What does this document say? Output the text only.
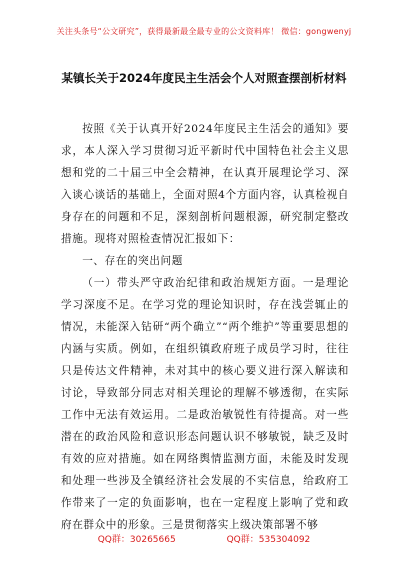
关注头条号“公文研究”，获得最新最全最专业的公文资料库！ 微信：gongwenyj
某镇长关于2024年度民主生活会个人对照查摆剖析材料

按照《关于认真开好2024年度民主生活会的通知》要求，本人深入学习贯彻习近平新时代中国特色社会主义思想和党的二十届三中全会精神，在认真开展理论学习、深入谈心谈话的基础上，全面对照4个方面内容，认真检视自身存在的问题和不足，深刻剖析问题根源，研究制定整改措施。现将对照检查情况汇报如下：

一、存在的突出问题

（一）带头严守政治纪律和政治规矩方面。一是理论学习深度不足。在学习党的理论知识时，存在浅尝辄止的情况，未能深入钻研“两个确立”“两个维护”等重要思想的内涵与实质。例如，在组织镇政府班子成员学习时，往往只是传达文件精神，未对其中的核心要义进行深入解读和讨论，导致部分同志对相关理论的理解不够透彻，在实际工作中无法有效运用。二是政治敏锐性有待提高。对一些潜在的政治风险和意识形态问题认识不够敏锐，缺乏及时有效的应对措施。如在网络舆情监测方面，未能及时发现和处理一些涉及全镇经济社会发展的不实信息，给政府工作带来了一定的负面影响，也在一定程度上影响了党和政府在群众中的形象。三是贯彻落实上级决策部署不够

QQ群：30265665	QQ群：535304092
